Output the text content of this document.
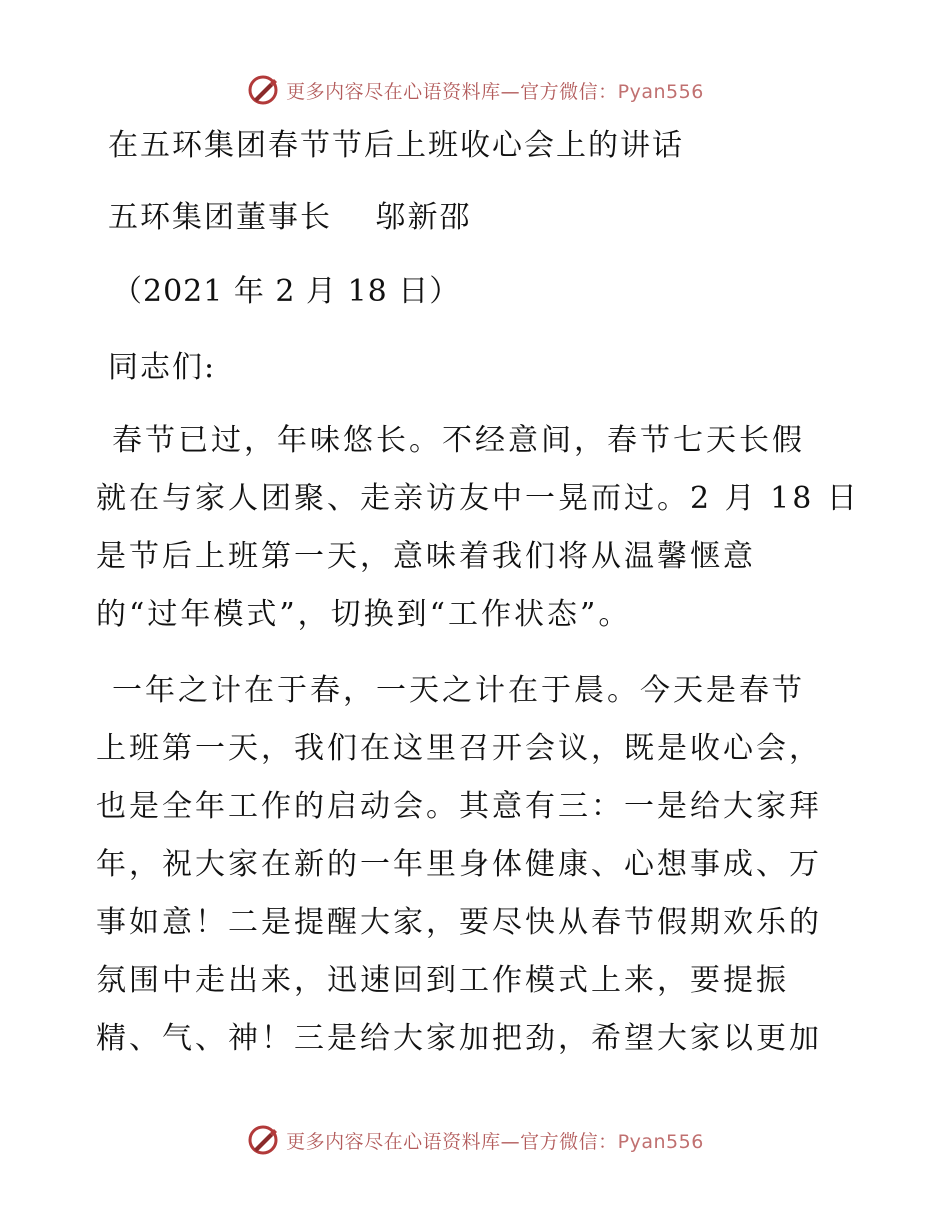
更多内容尽在心语资料库—官方微信：Pyan556
在五环集团春节节后上班收心会上的讲话
五环集团董事长　 邬新邵
（2021 年 2 月 18 日）
同志们:
春节已过，年味悠长。不经意间，春节七天长假
就在与家人团聚、走亲访友中一晃而过。2 月 18 日
是节后上班第一天，意味着我们将从温馨惬意
的“过年模式”，切换到“工作状态”。
一年之计在于春，一天之计在于晨。今天是春节
上班第一天，我们在这里召开会议，既是收心会，
也是全年工作的启动会。其意有三：一是给大家拜
年，祝大家在新的一年里身体健康、心想事成、万
事如意！二是提醒大家，要尽快从春节假期欢乐的
氛围中走出来，迅速回到工作模式上来，要提振
精、气、神！三是给大家加把劲，希望大家以更加
更多内容尽在心语资料库—官方微信：Pyan556
